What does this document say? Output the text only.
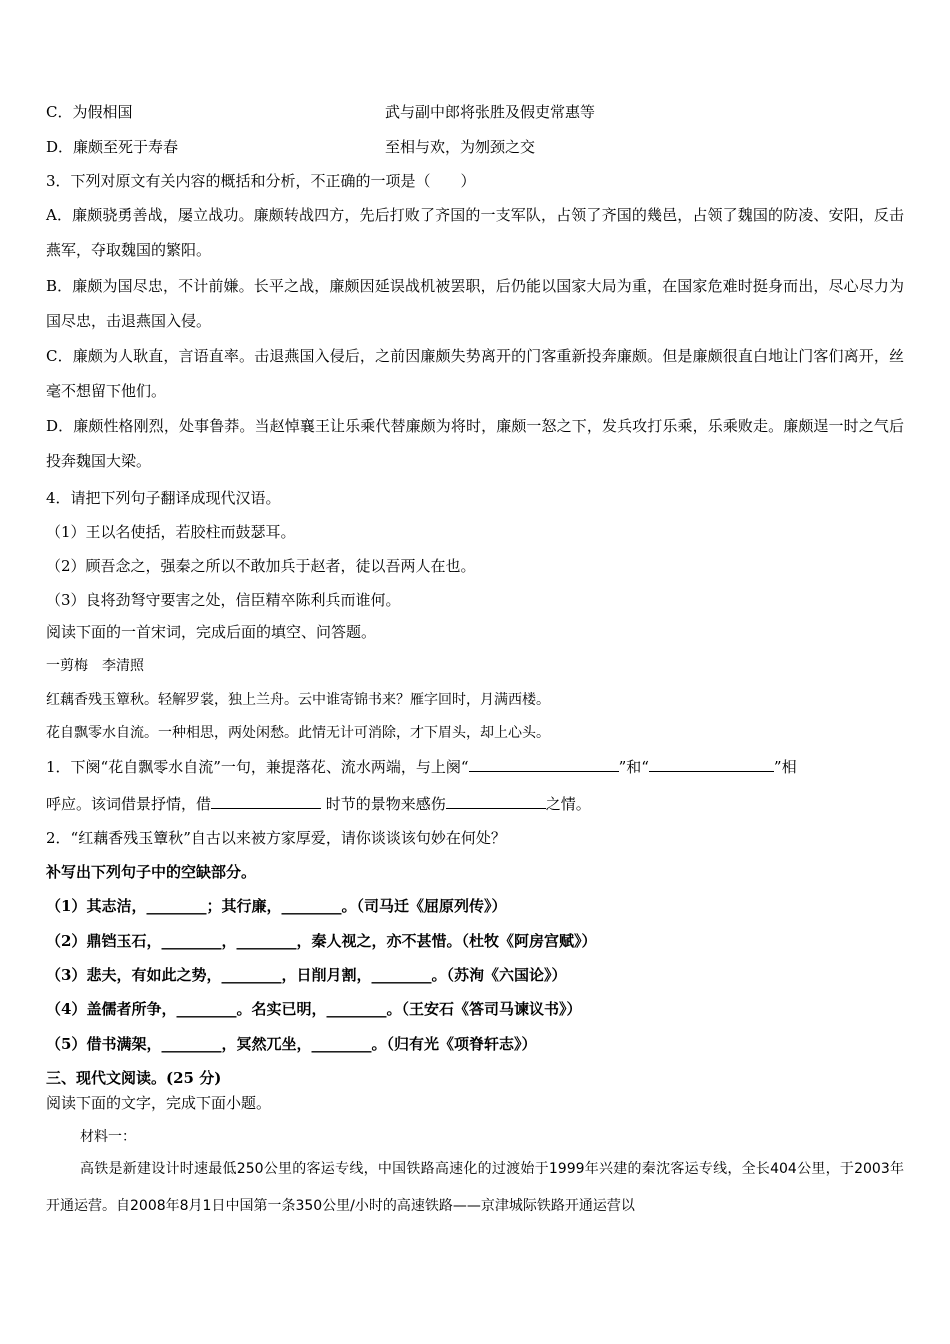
C．为假相国	武与副中郎将张胜及假吏常惠等
D．廉颇至死于寿春	至相与欢，为刎颈之交
3．下列对原文有关内容的概括和分析，不正确的一项是（　　）
A．廉颇骁勇善战，屡立战功。廉颇转战四方，先后打败了齐国的一支军队，占领了齐国的幾邑，占领了魏国的防凌、安阳，反击燕军，夺取魏国的繁阳。
B．廉颇为国尽忠，不计前嫌。长平之战，廉颇因延误战机被罢职，后仍能以国家大局为重，在国家危难时挺身而出，尽心尽力为国尽忠，击退燕国入侵。
C．廉颇为人耿直，言语直率。击退燕国入侵后，之前因廉颇失势离开的门客重新投奔廉颇。但是廉颇很直白地让门客们离开，丝毫不想留下他们。
D．廉颇性格刚烈，处事鲁莽。当赵悼襄王让乐乘代替廉颇为将时，廉颇一怒之下，发兵攻打乐乘，乐乘败走。廉颇逞一时之气后投奔魏国大梁。
4．请把下列句子翻译成现代汉语。
（1）王以名使括，若胶柱而鼓瑟耳。
（2）顾吾念之，强秦之所以不敢加兵于赵者，徒以吾两人在也。
（3）良将劲弩守要害之处，信臣精卒陈利兵而谁何。
阅读下面的一首宋词，完成后面的填空、问答题。
一剪梅　李清照
红藕香残玉簟秋。轻解罗裳，独上兰舟。云中谁寄锦书来？雁字回时，月满西楼。
花自飘零水自流。一种相思，两处闲愁。此情无计可消除，才下眉头，却上心头。
1．下阕“花自飘零水自流”一句，兼提落花、流水两端，与上阕“	”和“	”相
呼应。该词借景抒情，借	时节的景物来感伤	之情。
2．“红藕香残玉簟秋”自古以来被方家厚爱，请你谈谈该句妙在何处？
补写出下列句子中的空缺部分。
（1）其志洁，________；其行廉，________。（司马迁《屈原列传》）
（2）鼎铛玉石，________，________，秦人视之，亦不甚惜。（杜牧《阿房宫赋》）
（3）悲夫，有如此之势，________，日削月割，________。（苏洵《六国论》）
（4）盖儒者所争，________。名实已明，________。（王安石《答司马谏议书》）
（5）借书满架，________，冥然兀坐，________。（归有光《项脊轩志》）
三、现代文阅读。(25 分)
阅读下面的文字，完成下面小题。
材料一：
高铁是新建设计时速最低250公里的客运专线，中国铁路高速化的过渡始于1999年兴建的秦沈客运专线，全长404公里，于2003年开通运营。自2008年8月1日中国第一条350公里/小时的高速铁路——京津城际铁路开通运营以
